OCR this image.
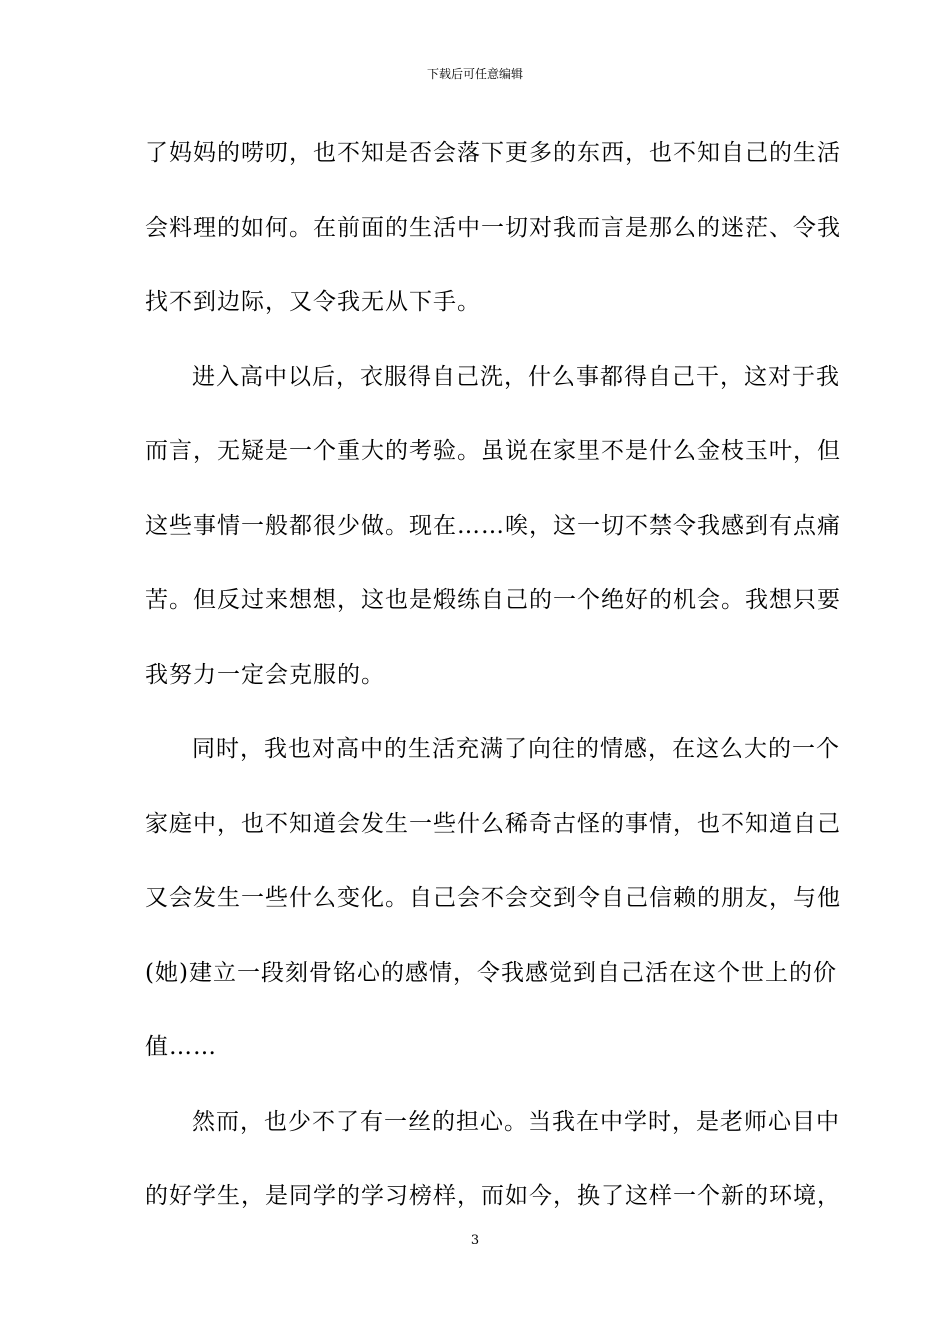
下载后可任意编辑
了妈妈的唠叨，也不知是否会落下更多的东西，也不知自己的生活
会料理的如何。在前面的生活中一切对我而言是那么的迷茫、令我
找不到边际，又令我无从下手。
进入高中以后，衣服得自己洗，什么事都得自己干，这对于我
而言，无疑是一个重大的考验。虽说在家里不是什么金枝玉叶，但
这些事情一般都很少做。现在……唉，这一切不禁令我感到有点痛
苦。但反过来想想，这也是煅练自己的一个绝好的机会。我想只要
我努力一定会克服的。
同时，我也对高中的生活充满了向往的情感，在这么大的一个
家庭中，也不知道会发生一些什么稀奇古怪的事情，也不知道自己
又会发生一些什么变化。自己会不会交到令自己信赖的朋友，与他
(她)建立一段刻骨铭心的感情，令我感觉到自己活在这个世上的价
值……
然而，也少不了有一丝的担心。当我在中学时，是老师心目中
的好学生，是同学的学习榜样，而如今，换了这样一个新的环境，
3
